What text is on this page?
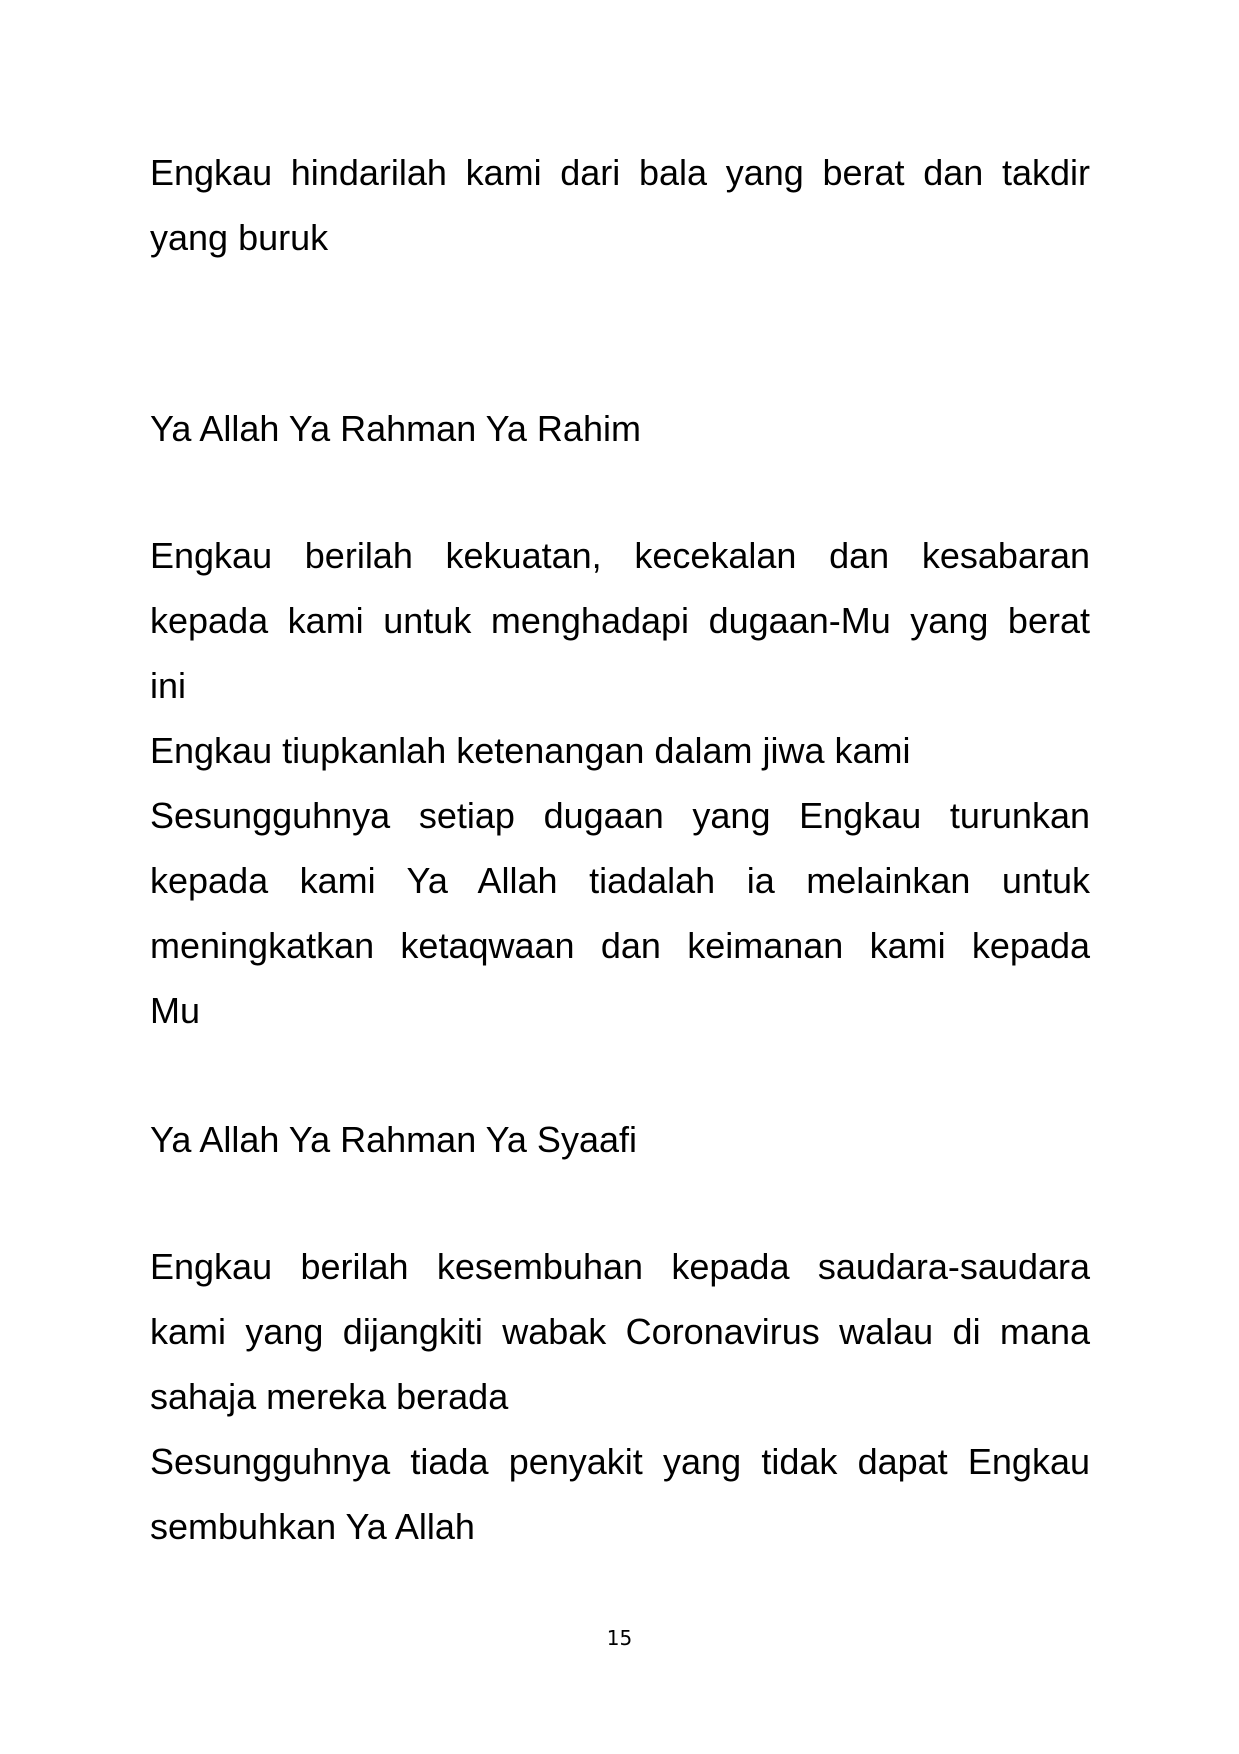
Engkau hindarilah kami dari bala yang berat dan takdir
yang buruk
Ya Allah Ya Rahman Ya Rahim
Engkau berilah kekuatan, kecekalan dan kesabaran
kepada kami untuk menghadapi dugaan-Mu yang berat
ini
Engkau tiupkanlah ketenangan dalam jiwa kami
Sesungguhnya setiap dugaan yang Engkau turunkan
kepada kami Ya Allah tiadalah ia melainkan untuk
meningkatkan ketaqwaan dan keimanan kami kepada
Mu
Ya Allah Ya Rahman Ya Syaafi
Engkau berilah kesembuhan kepada saudara-saudara
kami yang dijangkiti wabak Coronavirus walau di mana
sahaja mereka berada
Sesungguhnya tiada penyakit yang tidak dapat Engkau
sembuhkan Ya Allah
15
